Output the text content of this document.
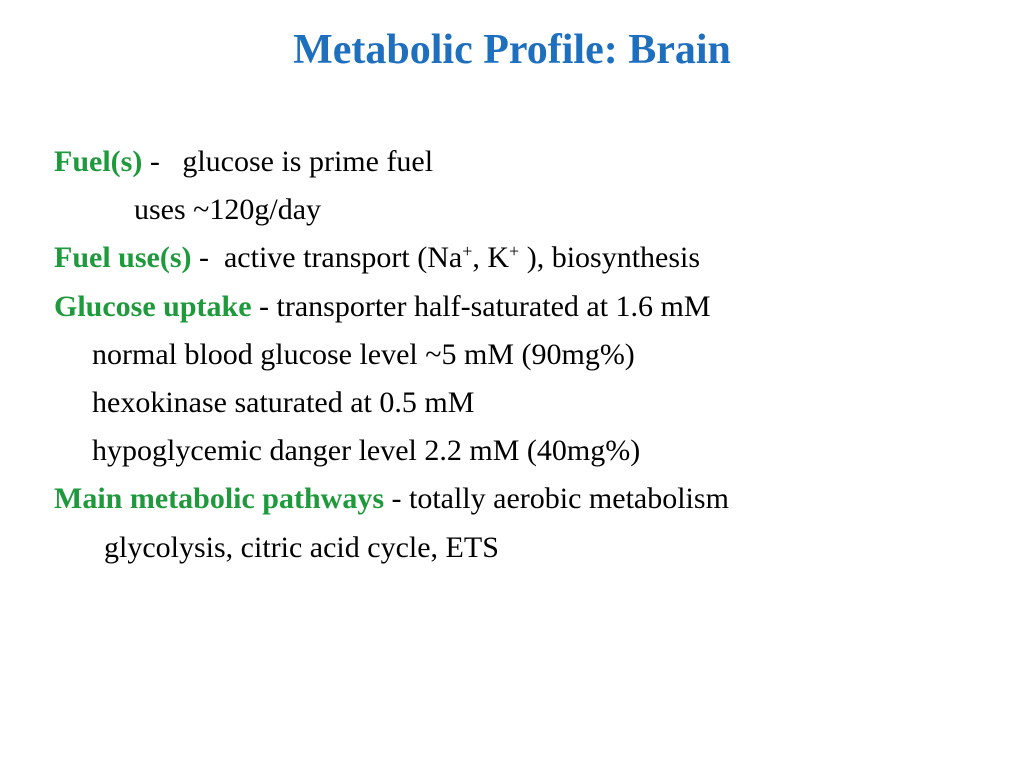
Metabolic Profile: Brain
Fuel(s) -   glucose is prime fuel
uses ~120g/day
Fuel use(s) -  active transport (Na+, K+ ), biosynthesis
Glucose uptake - transporter half-saturated at 1.6 mM
normal blood glucose level ~5 mM (90mg%)
hexokinase saturated at 0.5 mM
hypoglycemic danger level 2.2 mM (40mg%)
Main metabolic pathways - totally aerobic metabolism
glycolysis, citric acid cycle, ETS
